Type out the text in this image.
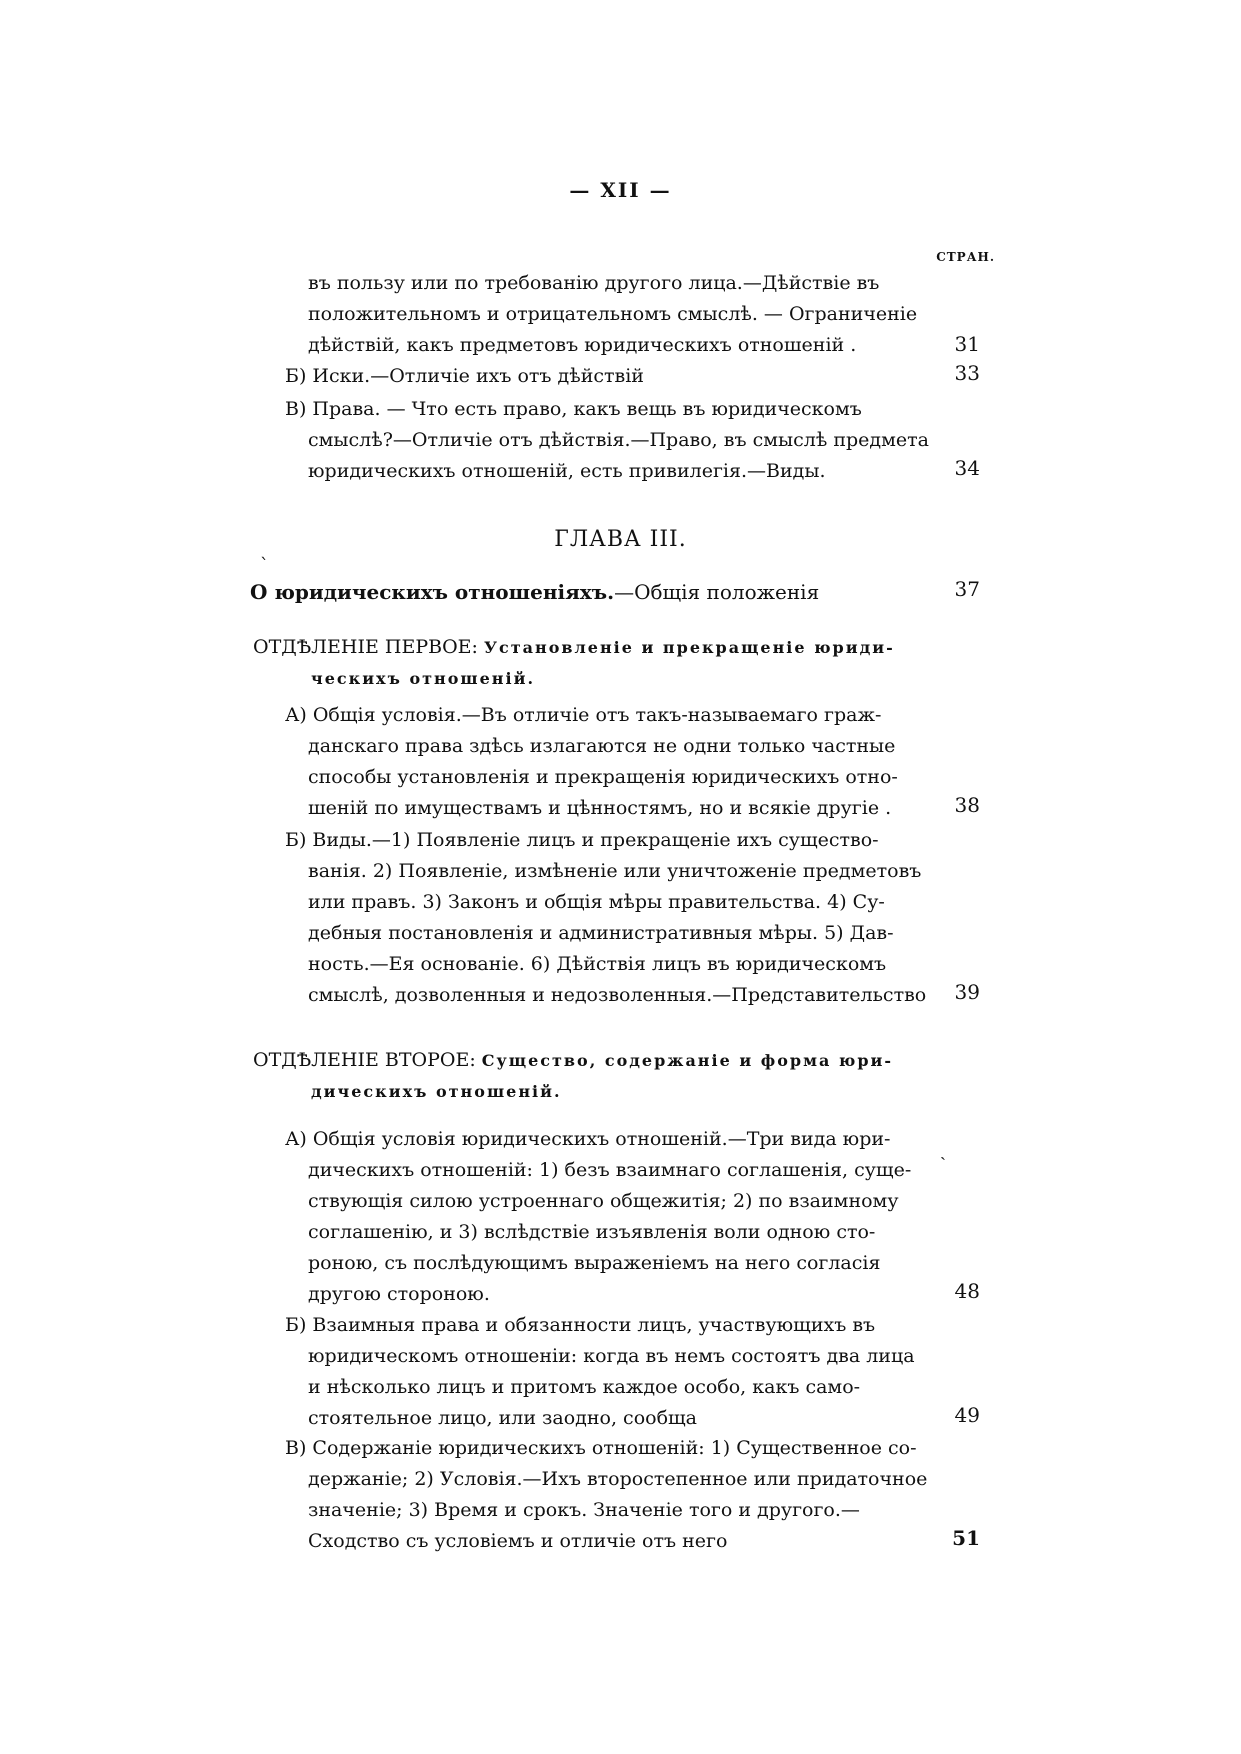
— XII —
СТРАН.
въ пользу или по требованію другого лица.—Дѣйствіе въ
положительномъ и отрицательномъ смыслѣ. — Ограниченіе
дѣйствій, какъ предметовъ юридическихъ отношеній .	31
Б) Иски.—Отличіе ихъ отъ дѣйствій	33
В) Права. — Что есть право, какъ вещь въ юридическомъ
смыслѣ?—Отличіе отъ дѣйствія.—Право, въ смыслѣ предмета
юридическихъ отношеній, есть привилегія.—Виды.	34
ГЛАВА III.
О юридическихъ отношеніяхъ.—Общія положенія	37
ОТДѢЛЕНІЕ ПЕРВОЕ: Установленіе и прекращеніе юриди-
ческихъ отношеній.
А) Общія условія.—Въ отличіе отъ такъ-называемаго граж-
данскаго права здѣсь излагаются не одни только частные
способы установленія и прекращенія юридическихъ отно-
шеній по имуществамъ и цѣнностямъ, но и всякіе другіе .	38
Б) Виды.—1) Появленіе лицъ и прекращеніе ихъ существо-
ванія. 2) Появленіе, измѣненіе или уничтоженіе предметовъ
или правъ. 3) Законъ и общія мѣры правительства. 4) Су-
дебныя постановленія и административныя мѣры. 5) Дав-
ность.—Ея основаніе. 6) Дѣйствія лицъ въ юридическомъ
смыслѣ, дозволенныя и недозволенныя.—Представительство	39
ОТДѢЛЕНІЕ ВТОРОЕ: Существо, содержаніе и форма юри-
дическихъ отношеній.
А) Общія условія юридическихъ отношеній.—Три вида юри-
дическихъ отношеній: 1) безъ взаимнаго соглашенія, суще-
ствующія силою устроеннаго общежитія; 2) по взаимному
соглашенію, и 3) вслѣдствіе изъявленія воли одною сто-
роною, съ послѣдующимъ выраженіемъ на него согласія
другою стороною.	48
Б) Взаимныя права и обязанности лицъ, участвующихъ въ
юридическомъ отношеніи: когда въ немъ состоятъ два лица
и нѣсколько лицъ и притомъ каждое особо, какъ само-
стоятельное лицо, или заодно, сообща	49
В) Содержаніе юридическихъ отношеній: 1) Существенное со-
держаніе; 2) Условія.—Ихъ второстепенное или придаточное
значеніе; 3) Время и срокъ. Значеніе того и другого.—
Сходство съ условіемъ и отличіе отъ него	51
ˋ
ˏ
